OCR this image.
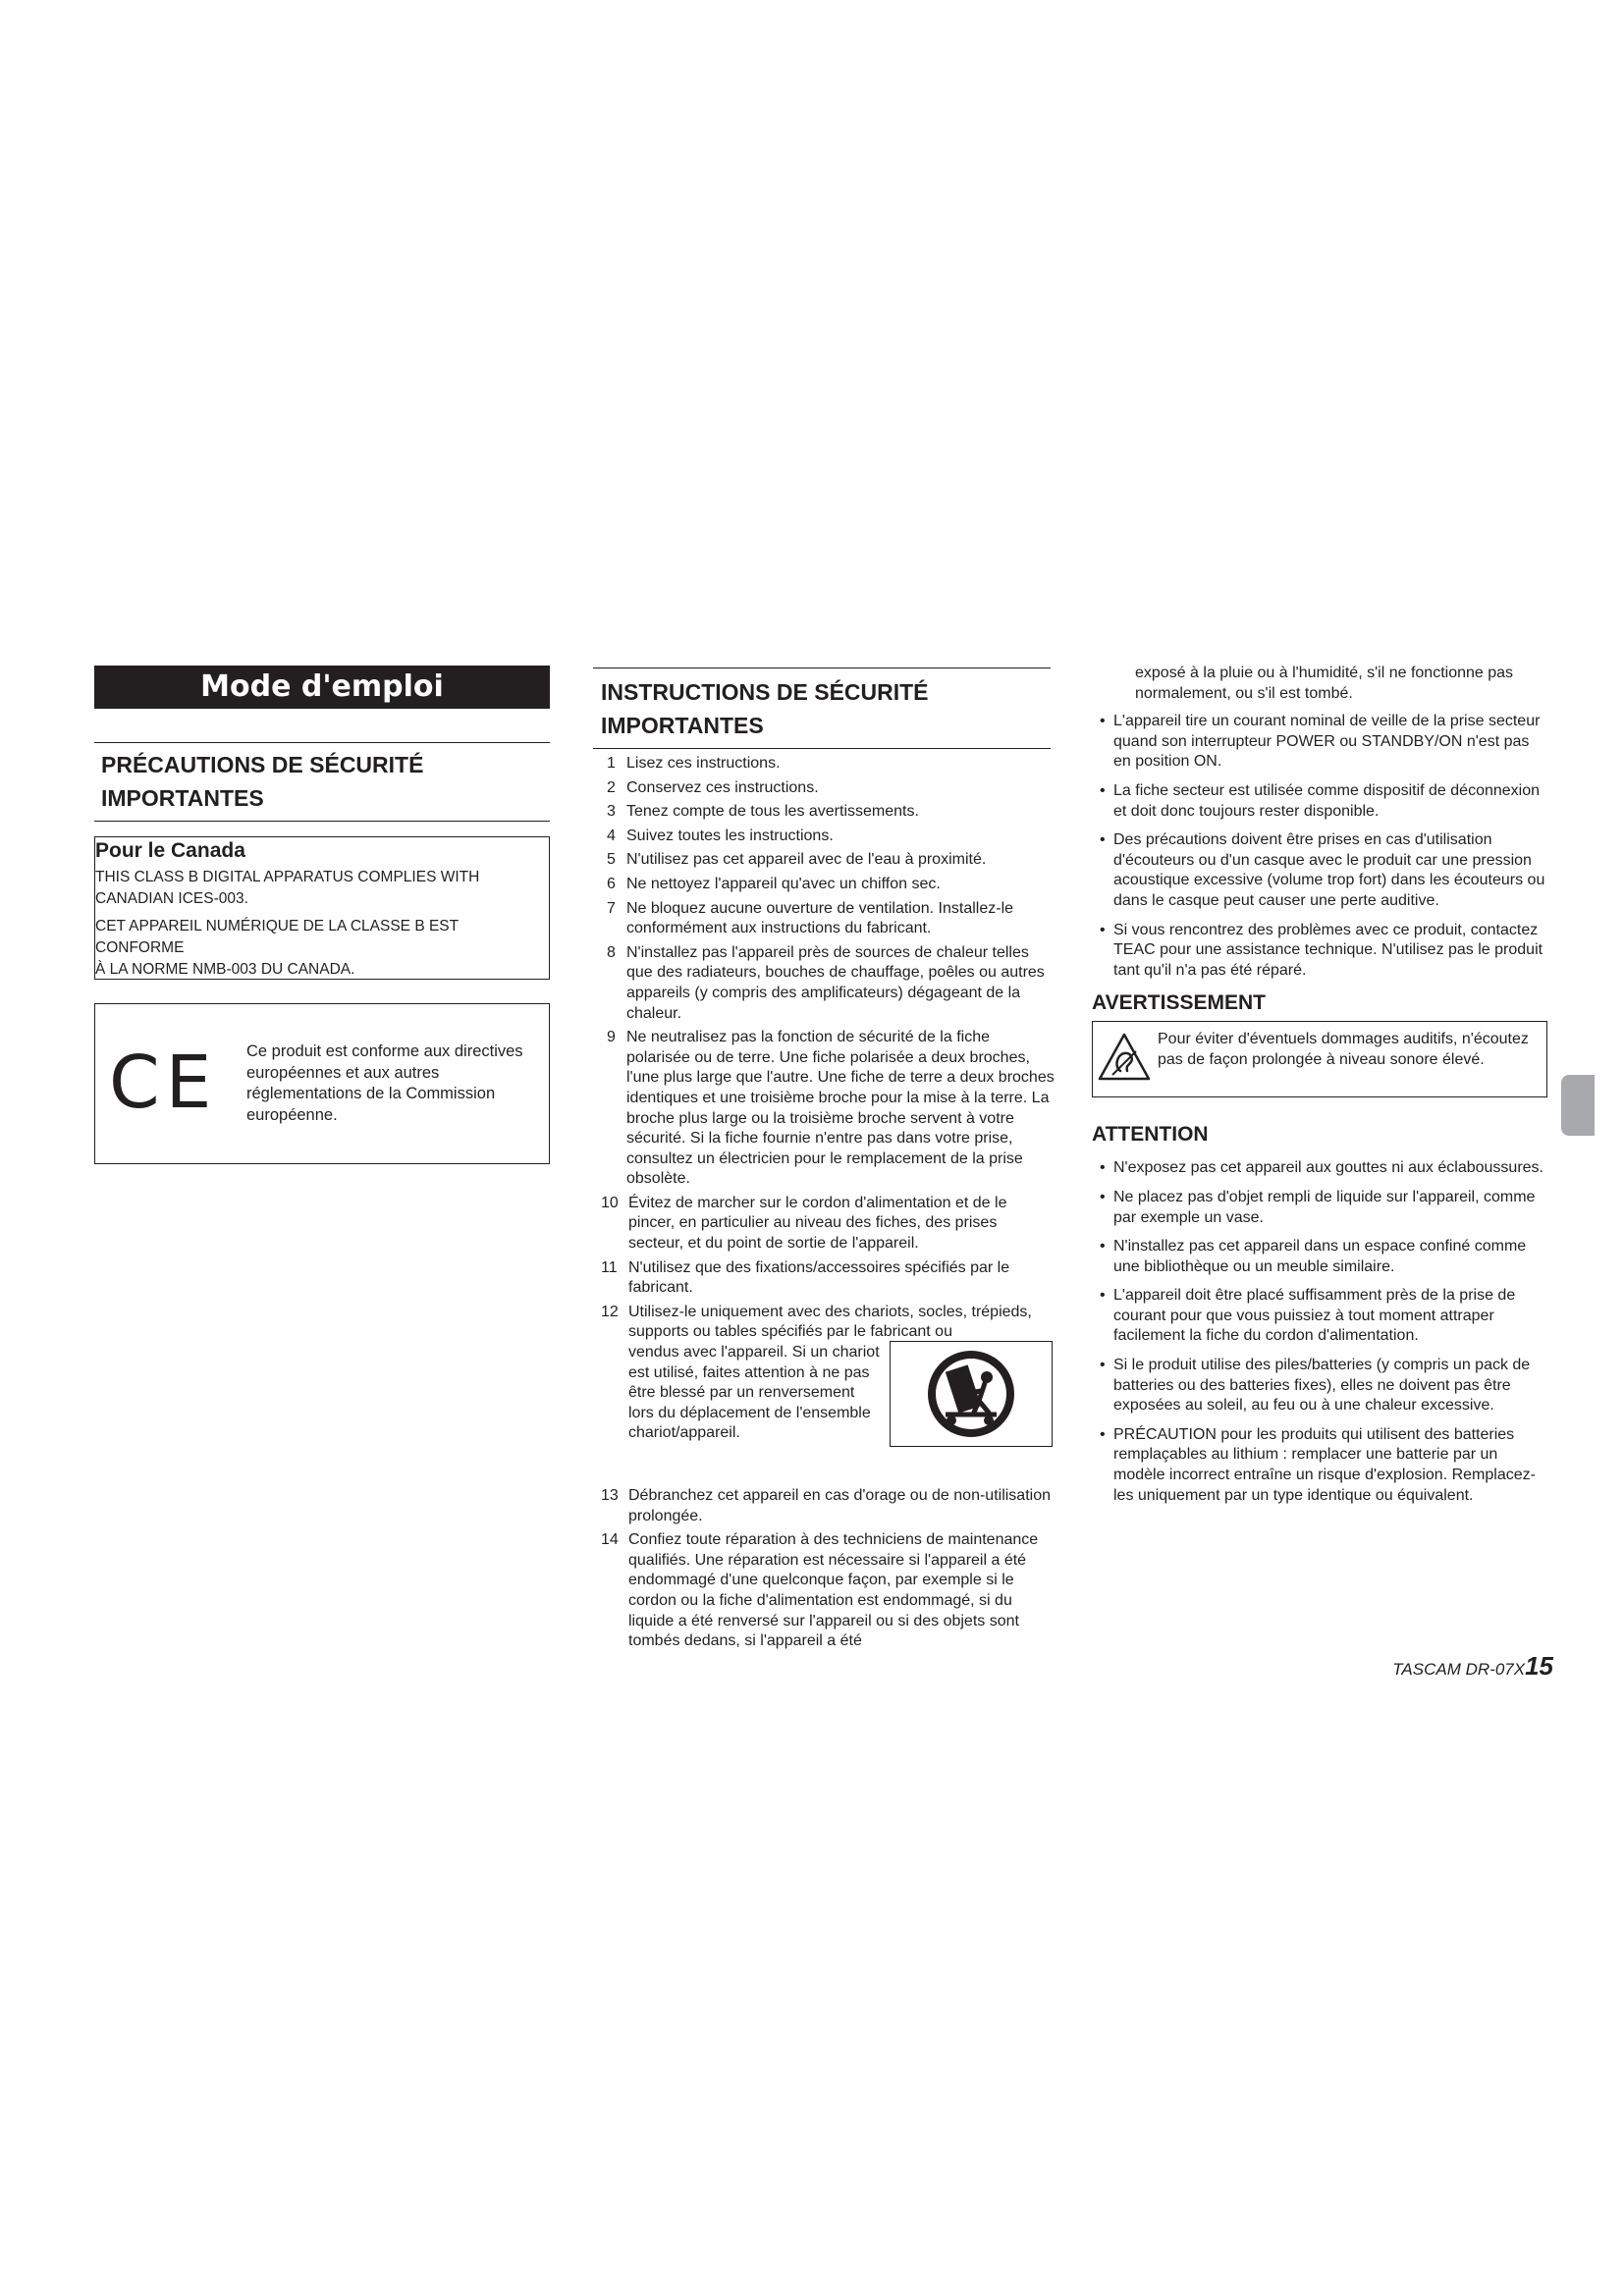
Mode d'emploi
PRÉCAUTIONS DE SÉCURITÉ
IMPORTANTES
Pour le Canada
THIS CLASS B DIGITAL APPARATUS COMPLIES WITH
CANADIAN ICES-003.
CET APPAREIL NUMÉRIQUE DE LA CLASSE B EST CONFORME
À LA NORME NMB-003 DU CANADA.
CE Ce produit est conforme aux directives européennes et aux autres réglementations de la Commission européenne.
INSTRUCTIONS DE SÉCURITÉ
IMPORTANTES
1 Lisez ces instructions.
2 Conservez ces instructions.
3 Tenez compte de tous les avertissements.
4 Suivez toutes les instructions.
5 N'utilisez pas cet appareil avec de l'eau à proximité.
6 Ne nettoyez l'appareil qu'avec un chiffon sec.
7 Ne bloquez aucune ouverture de ventilation. Installez-le conformément aux instructions du fabricant.
8 N'installez pas l'appareil près de sources de chaleur telles que des radiateurs, bouches de chauffage, poêles ou autres appareils (y compris des amplificateurs) dégageant de la chaleur.
9 Ne neutralisez pas la fonction de sécurité de la fiche polarisée ou de terre. Une fiche polarisée a deux broches, l'une plus large que l'autre. Une fiche de terre a deux broches identiques et une troisième broche pour la mise à la terre. La broche plus large ou la troisième broche servent à votre sécurité. Si la fiche fournie n'entre pas dans votre prise, consultez un électricien pour le remplacement de la prise obsolète.
10 Évitez de marcher sur le cordon d'alimentation et de le pincer, en particulier au niveau des fiches, des prises secteur, et du point de sortie de l'appareil.
11 N'utilisez que des fixations/accessoires spécifiés par le fabricant.
12 Utilisez-le uniquement avec des chariots, socles, trépieds, supports ou tables spécifiés par le fabricant ou
vendus avec l'appareil. Si un chariot est utilisé, faites attention à ne pas être blessé par un renversement lors du déplacement de l'ensemble chariot/appareil.
13 Débranchez cet appareil en cas d'orage ou de non-utilisation prolongée.
14 Confiez toute réparation à des techniciens de maintenance qualifiés. Une réparation est nécessaire si l'appareil a été endommagé d'une quelconque façon, par exemple si le cordon ou la fiche d'alimentation est endommagé, si du liquide a été renversé sur l'appareil ou si des objets sont tombés dedans, si l'appareil a été
exposé à la pluie ou à l'humidité, s'il ne fonctionne pas normalement, ou s'il est tombé.
• L'appareil tire un courant nominal de veille de la prise secteur quand son interrupteur POWER ou STANDBY/ON n'est pas en position ON.
• La fiche secteur est utilisée comme dispositif de déconnexion et doit donc toujours rester disponible.
• Des précautions doivent être prises en cas d'utilisation d'écouteurs ou d'un casque avec le produit car une pression acoustique excessive (volume trop fort) dans les écouteurs ou dans le casque peut causer une perte auditive.
• Si vous rencontrez des problèmes avec ce produit, contactez TEAC pour une assistance technique. N'utilisez pas le produit tant qu'il n'a pas été réparé.
AVERTISSEMENT
Pour éviter d'éventuels dommages auditifs, n'écoutez pas de façon prolongée à niveau sonore élevé.
ATTENTION
• N'exposez pas cet appareil aux gouttes ni aux éclaboussures.
• Ne placez pas d'objet rempli de liquide sur l'appareil, comme par exemple un vase.
• N'installez pas cet appareil dans un espace confiné comme une bibliothèque ou un meuble similaire.
• L'appareil doit être placé suffisamment près de la prise de courant pour que vous puissiez à tout moment attraper facilement la fiche du cordon d'alimentation.
• Si le produit utilise des piles/batteries (y compris un pack de batteries ou des batteries fixes), elles ne doivent pas être exposées au soleil, au feu ou à une chaleur excessive.
• PRÉCAUTION pour les produits qui utilisent des batteries remplaçables au lithium : remplacer une batterie par un modèle incorrect entraîne un risque d'explosion. Remplacez-les uniquement par un type identique ou équivalent.
TASCAM DR-07X15
